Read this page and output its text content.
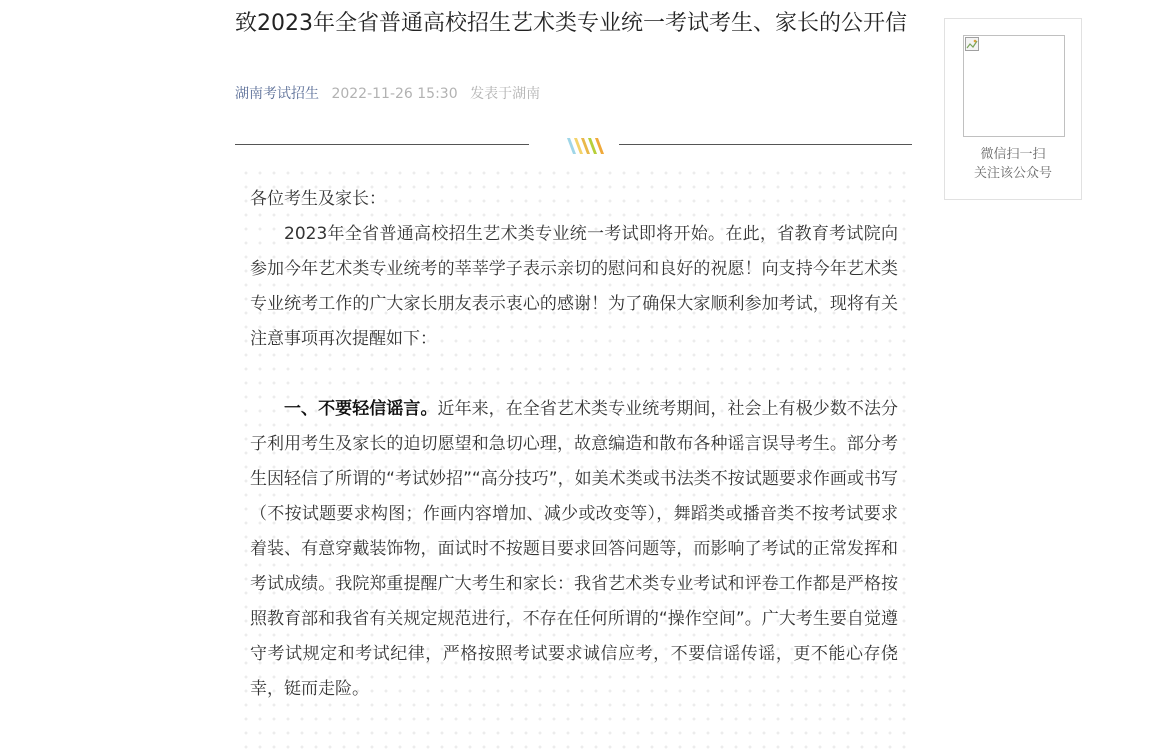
致2023年全省普通高校招生艺术类专业统一考试考生、家长的公开信
湖南考试招生 2022-11-26 15:30 发表于湖南

各位考生及家长：

2023年全省普通高校招生艺术类专业统一考试即将开始。在此，省教育考试院向参加今年艺术类专业统考的莘莘学子表示亲切的慰问和良好的祝愿！向支持今年艺术类专业统考工作的广大家长朋友表示衷心的感谢！为了确保大家顺利参加考试，现将有关注意事项再次提醒如下：

一、不要轻信谣言。近年来，在全省艺术类专业统考期间，社会上有极少数不法分子利用考生及家长的迫切愿望和急切心理，故意编造和散布各种谣言误导考生。部分考生因轻信了所谓的“考试妙招”“高分技巧”，如美术类或书法类不按试题要求作画或书写（不按试题要求构图；作画内容增加、减少或改变等），舞蹈类或播音类不按考试要求着装、有意穿戴装饰物，面试时不按题目要求回答问题等，而影响了考试的正常发挥和考试成绩。我院郑重提醒广大考生和家长：我省艺术类专业考试和评卷工作都是严格按照教育部和我省有关规定规范进行，不存在任何所谓的“操作空间”。广大考生要自觉遵守考试规定和考试纪律，严格按照考试要求诚信应考，不要信谣传谣，更不能心存侥幸，铤而走险。

微信扫一扫
关注该公众号
